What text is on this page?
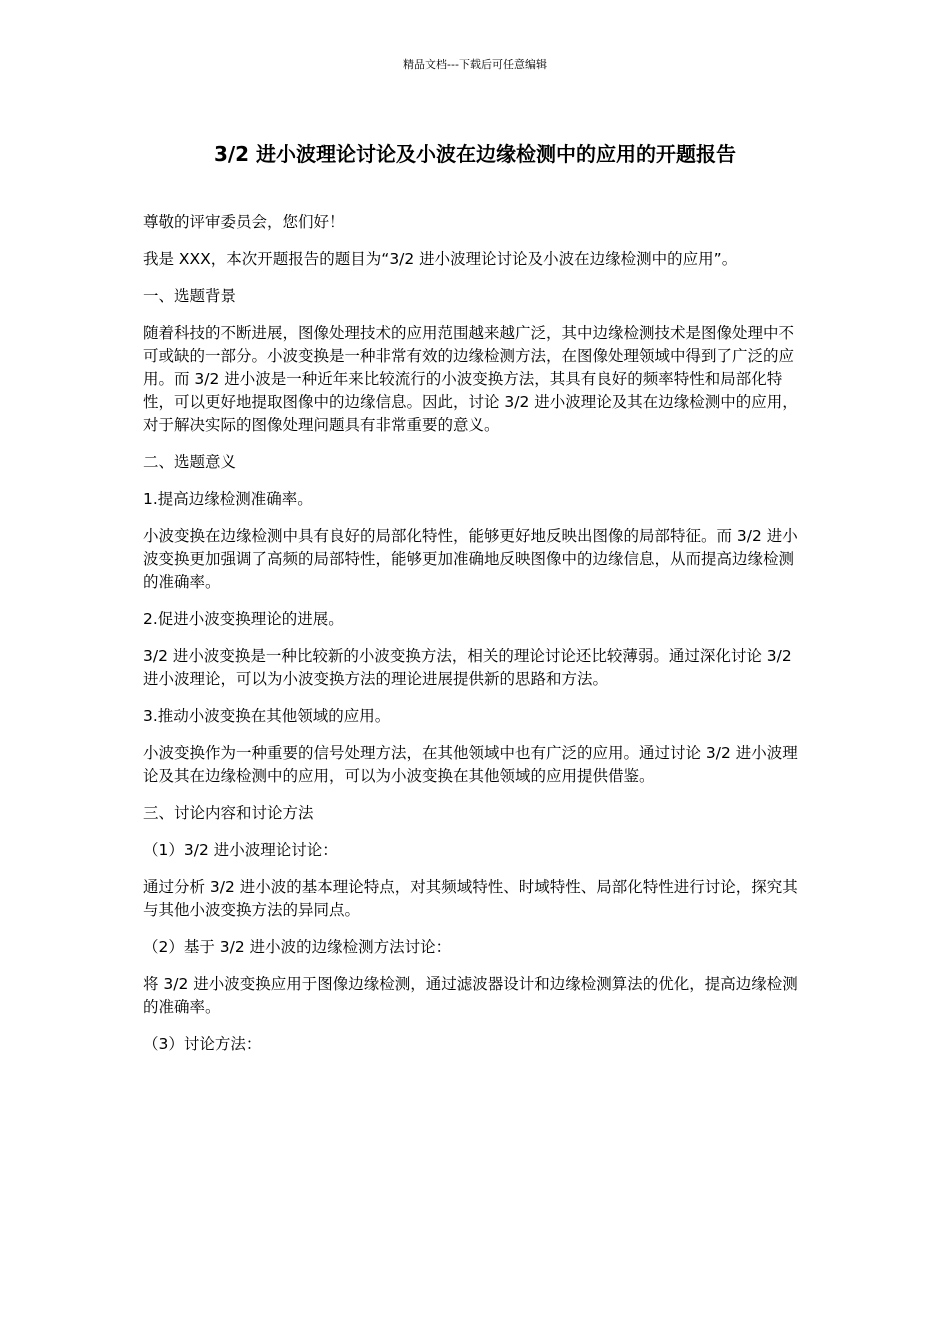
精品文档---下载后可任意编辑
3/2 进小波理论讨论及小波在边缘检测中的应用的开题报告

尊敬的评审委员会，您们好！

我是 XXX，本次开题报告的题目为“3/2 进小波理论讨论及小波在边缘检测中的应用”。

一、选题背景

随着科技的不断进展，图像处理技术的应用范围越来越广泛，其中边缘检测技术是图像处理中不可或缺的一部分。小波变换是一种非常有效的边缘检测方法，在图像处理领域中得到了广泛的应用。而 3/2 进小波是一种近年来比较流行的小波变换方法，其具有良好的频率特性和局部化特性，可以更好地提取图像中的边缘信息。因此，讨论 3/2 进小波理论及其在边缘检测中的应用，对于解决实际的图像处理问题具有非常重要的意义。

二、选题意义

1.提高边缘检测准确率。

小波变换在边缘检测中具有良好的局部化特性，能够更好地反映出图像的局部特征。而 3/2 进小波变换更加强调了高频的局部特性，能够更加准确地反映图像中的边缘信息，从而提高边缘检测的准确率。

2.促进小波变换理论的进展。

3/2 进小波变换是一种比较新的小波变换方法，相关的理论讨论还比较薄弱。通过深化讨论 3/2 进小波理论，可以为小波变换方法的理论进展提供新的思路和方法。

3.推动小波变换在其他领域的应用。

小波变换作为一种重要的信号处理方法，在其他领域中也有广泛的应用。通过讨论 3/2 进小波理论及其在边缘检测中的应用，可以为小波变换在其他领域的应用提供借鉴。

三、讨论内容和讨论方法

（1）3/2 进小波理论讨论：

通过分析 3/2 进小波的基本理论特点，对其频域特性、时域特性、局部化特性进行讨论，探究其与其他小波变换方法的异同点。

（2）基于 3/2 进小波的边缘检测方法讨论：

将 3/2 进小波变换应用于图像边缘检测，通过滤波器设计和边缘检测算法的优化，提高边缘检测的准确率。

（3）讨论方法：
